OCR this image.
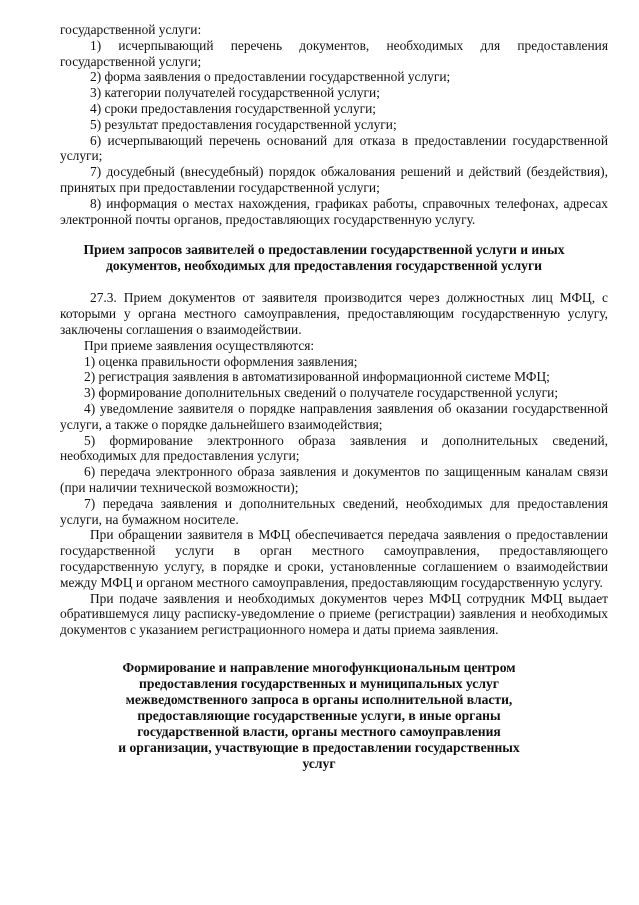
государственной услуги:

1) исчерпывающий перечень документов, необходимых для предоставления государственной услуги;

2) форма заявления о предоставлении государственной услуги;

3) категории получателей государственной услуги;

4) сроки предоставления государственной услуги;

5) результат предоставления государственной услуги;

6) исчерпывающий перечень оснований для отказа в предоставлении государственной услуги;

7) досудебный (внесудебный) порядок обжалования решений и действий (бездействия), принятых при предоставлении государственной услуги;

8) информация о местах нахождения, графиках работы, справочных телефонах, адресах электронной почты органов, предоставляющих государственную услугу.

Прием запросов заявителей о предоставлении государственной услуги и иных документов, необходимых для предоставления государственной услуги

27.3. Прием документов от заявителя производится через должностных лиц МФЦ, с которыми у органа местного самоуправления, предоставляющим государственную услугу, заключены соглашения о взаимодействии.

При приеме заявления осуществляются:

1) оценка правильности оформления заявления;

2) регистрация заявления в автоматизированной информационной системе МФЦ;

3) формирование дополнительных сведений о получателе государственной услуги;

4) уведомление заявителя о порядке направления заявления об оказании государственной услуги, а также о порядке дальнейшего взаимодействия;

5) формирование электронного образа заявления и дополнительных сведений, необходимых для предоставления услуги;

6) передача электронного образа заявления и документов по защищенным каналам связи (при наличии технической возможности);

7) передача заявления и дополнительных сведений, необходимых для предоставления услуги, на бумажном носителе.

При обращении заявителя в МФЦ обеспечивается передача заявления о предоставлении государственной услуги в орган местного самоуправления, предоставляющего государственную услугу, в порядке и сроки, установленные соглашением о взаимодействии между МФЦ и органом местного самоуправления, предоставляющим государственную услугу.

При подаче заявления и необходимых документов через МФЦ сотрудник МФЦ выдает обратившемуся лицу расписку-уведомление о приеме (регистрации) заявления и необходимых документов с указанием регистрационного номера и даты приема заявления.

Формирование и направление многофункциональным центром

предоставления государственных и муниципальных услуг

межведомственного запроса в органы исполнительной власти,

предоставляющие государственные услуги, в иные органы

государственной власти, органы местного самоуправления

и организации, участвующие в предоставлении государственных

услуг
